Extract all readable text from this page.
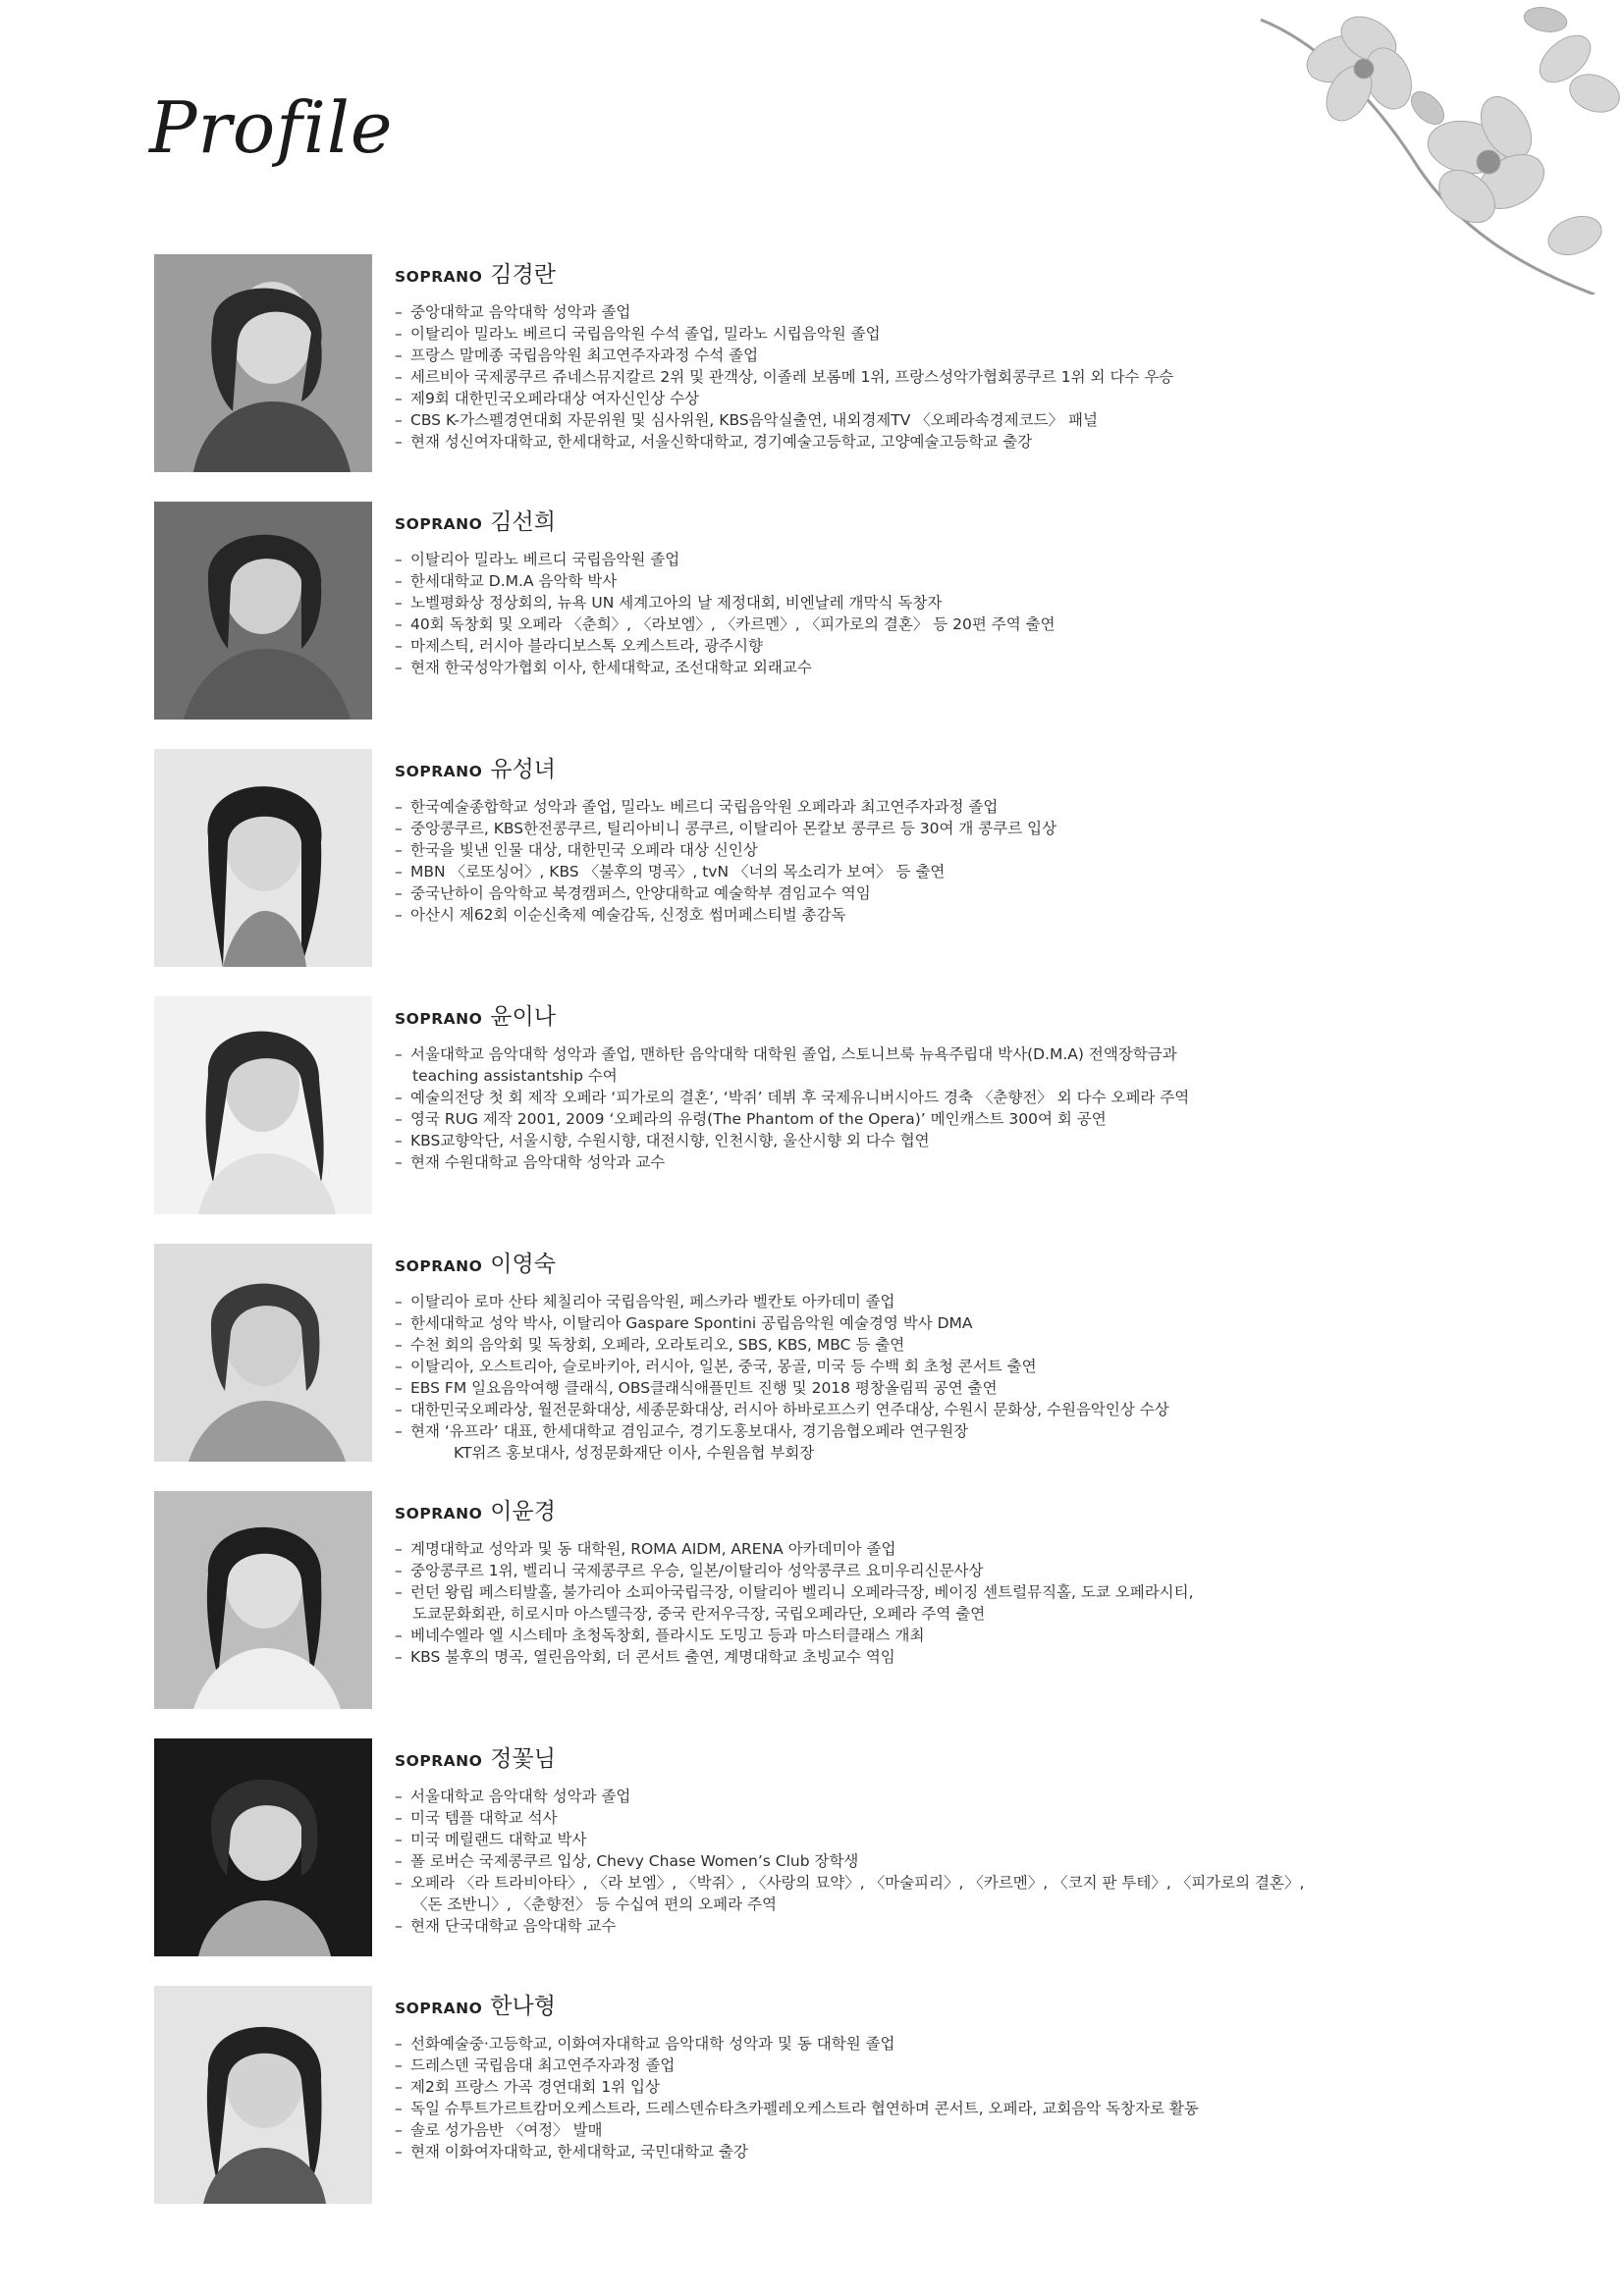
Profile
SOPRANO 김경란
– 중앙대학교 음악대학 성악과 졸업
– 이탈리아 밀라노 베르디 국립음악원 수석 졸업, 밀라노 시립음악원 졸업
– 프랑스 말메종 국립음악원 최고연주자과정 수석 졸업
– 세르비아 국제콩쿠르 쥬네스뮤지칼르 2위 및 관객상, 이졸레 보롬메 1위, 프랑스성악가협회콩쿠르 1위 외 다수 우승
– 제9회 대한민국오페라대상 여자신인상 수상
– CBS K-가스펠경연대회 자문위원 및 심사위원, KBS음악실출연, 내외경제TV 〈오페라속경제코드〉 패널
– 현재 성신여자대학교, 한세대학교, 서울신학대학교, 경기예술고등학교, 고양예술고등학교 출강
SOPRANO 김선희
– 이탈리아 밀라노 베르디 국립음악원 졸업
– 한세대학교 D.M.A 음악학 박사
– 노벨평화상 정상회의, 뉴욕 UN 세계고아의 날 제정대회, 비엔날레 개막식 독창자
– 40회 독창회 및 오페라 〈춘희〉, 〈라보엠〉, 〈카르멘〉, 〈피가로의 결혼〉 등 20편 주역 출연
– 마제스틱, 러시아 블라디보스톡 오케스트라, 광주시향
– 현재 한국성악가협회 이사, 한세대학교, 조선대학교 외래교수
SOPRANO 유성녀
– 한국예술종합학교 성악과 졸업, 밀라노 베르디 국립음악원 오페라과 최고연주자과정 졸업
– 중앙콩쿠르, KBS한전콩쿠르, 틸리아비니 콩쿠르, 이탈리아 몬칼보 콩쿠르 등 30여 개 콩쿠르 입상
– 한국을 빛낸 인물 대상, 대한민국 오페라 대상 신인상
– MBN 〈로또싱어〉, KBS 〈불후의 명곡〉, tvN 〈너의 목소리가 보여〉 등 출연
– 중국난하이 음악학교 북경캠퍼스, 안양대학교 예술학부 겸임교수 역임
– 아산시 제62회 이순신축제 예술감독, 신정호 썸머페스티벌 총감독
SOPRANO 윤이나
– 서울대학교 음악대학 성악과 졸업, 맨하탄 음악대학 대학원 졸업, 스토니브룩 뉴욕주립대 박사(D.M.A) 전액장학금과
teaching assistantship 수여
– 예술의전당 첫 회 제작 오페라 ‘피가로의 결혼’, ‘박쥐’ 데뷔 후 국제유니버시아드 경축 〈춘향전〉 외 다수 오페라 주역
– 영국 RUG 제작 2001, 2009 ‘오페라의 유령(The Phantom of the Opera)’ 메인캐스트 300여 회 공연
– KBS교향악단, 서울시향, 수원시향, 대전시향, 인천시향, 울산시향 외 다수 협연
– 현재 수원대학교 음악대학 성악과 교수
SOPRANO 이영숙
– 이탈리아 로마 산타 체칠리아 국립음악원, 페스카라 벨칸토 아카데미 졸업
– 한세대학교 성악 박사, 이탈리아 Gaspare Spontini 공립음악원 예술경영 박사 DMA
– 수천 회의 음악회 및 독창회, 오페라, 오라토리오, SBS, KBS, MBC 등 출연
– 이탈리아, 오스트리아, 슬로바키아, 러시아, 일본, 중국, 몽골, 미국 등 수백 회 초청 콘서트 출연
– EBS FM 일요음악여행 클래식, OBS클래식애플민트 진행 및 2018 평창올림픽 공연 출연
– 대한민국오페라상, 월전문화대상, 세종문화대상, 러시아 하바로프스키 연주대상, 수원시 문화상, 수원음악인상 수상
– 현재 ‘유프라’ 대표, 한세대학교 겸임교수, 경기도홍보대사, 경기음협오페라 연구원장
KT위즈 홍보대사, 성정문화재단 이사, 수원음협 부회장
SOPRANO 이윤경
– 계명대학교 성악과 및 동 대학원, ROMA AIDM, ARENA 아카데미아 졸업
– 중앙콩쿠르 1위, 벨리니 국제콩쿠르 우승, 일본/이탈리아 성악콩쿠르 요미우리신문사상
– 런던 왕립 페스티발홀, 불가리아 소피아국립극장, 이탈리아 벨리니 오페라극장, 베이징 센트럴뮤직홀, 도쿄 오페라시티,
도쿄문화회관, 히로시마 아스텔극장, 중국 란저우극장, 국립오페라단, 오페라 주역 출연
– 베네수엘라 엘 시스테마 초청독창회, 플라시도 도밍고 등과 마스터클래스 개최
– KBS 불후의 명곡, 열린음악회, 더 콘서트 출연, 계명대학교 초빙교수 역임
SOPRANO 정꽃님
– 서울대학교 음악대학 성악과 졸업
– 미국 템플 대학교 석사
– 미국 메릴랜드 대학교 박사
– 폴 로버슨 국제콩쿠르 입상, Chevy Chase Women’s Club 장학생
– 오페라 〈라 트라비아타〉, 〈라 보엠〉, 〈박쥐〉, 〈사랑의 묘약〉, 〈마술피리〉, 〈카르멘〉, 〈코지 판 투테〉, 〈피가로의 결혼〉,
〈돈 조반니〉, 〈춘향전〉 등 수십여 편의 오페라 주역
– 현재 단국대학교 음악대학 교수
SOPRANO 한나형
– 선화예술중·고등학교, 이화여자대학교 음악대학 성악과 및 동 대학원 졸업
– 드레스덴 국립음대 최고연주자과정 졸업
– 제2회 프랑스 가곡 경연대회 1위 입상
– 독일 슈투트가르트캄머오케스트라, 드레스덴슈타츠카펠레오케스트라 협연하며 콘서트, 오페라, 교회음악 독창자로 활동
– 솔로 성가음반 〈여정〉 발매
– 현재 이화여자대학교, 한세대학교, 국민대학교 출강
